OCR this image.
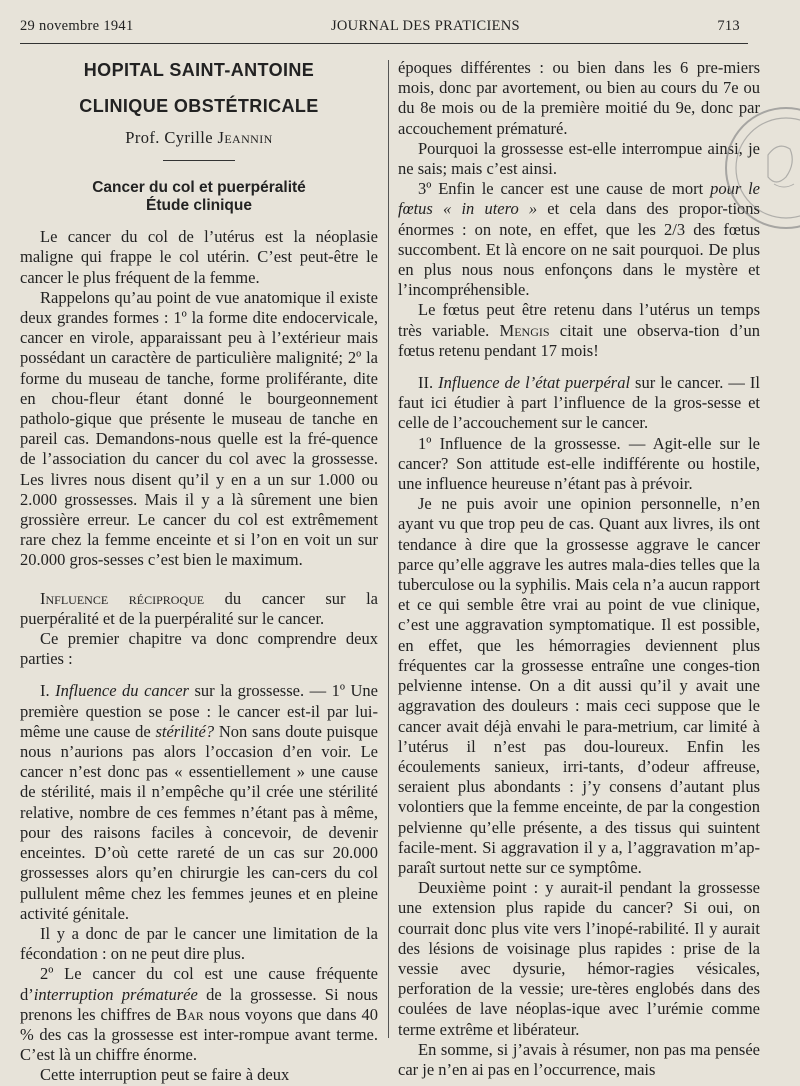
29 novembre 1941	JOURNAL DES PRATICIENS	713
HOPITAL SAINT-ANTOINE
CLINIQUE OBSTÉTRICALE
Prof. Cyrille Jeannin
Cancer du col et puerpéralité
Étude clinique

Le cancer du col de l’utérus est la néoplasie maligne qui frappe le col utérin. C’est peut-être le cancer le plus fréquent de la femme.

Rappelons qu’au point de vue anatomique il existe deux grandes formes : 1º la forme dite endocervicale, cancer en virole, apparaissant peu à l’extérieur mais possédant un caractère de particulière malignité; 2º la forme du museau de tanche, forme proliférante, dite en chou-fleur étant donné le bourgeonnement patholo-gique que présente le museau de tanche en pareil cas. Demandons-nous quelle est la fré-quence de l’association du cancer du col avec la grossesse. Les livres nous disent qu’il y en a un sur 1.000 ou 2.000 grossesses. Mais il y a là sûrement une bien grossière erreur. Le cancer du col est extrêmement rare chez la femme enceinte et si l’on en voit un sur 20.000 gros-sesses c’est bien le maximum.

Influence réciproque du cancer sur la puerpéralité et de la puerpéralité sur le cancer.

Ce premier chapitre va donc comprendre deux parties :

I. Influence du cancer sur la grossesse. — 1º Une première question se pose : le cancer est-il par lui-même une cause de stérilité? Non sans doute puisque nous n’aurions pas alors l’occasion d’en voir. Le cancer n’est donc pas « essentiellement » une cause de stérilité, mais il n’empêche qu’il crée une stérilité relative, nombre de ces femmes n’étant pas à même, pour des raisons faciles à concevoir, de devenir enceintes. D’où cette rareté de un cas sur 20.000 grossesses alors qu’en chirurgie les can-cers du col pullulent même chez les femmes jeunes et en pleine activité génitale.

Il y a donc de par le cancer une limitation de la fécondation : on ne peut dire plus.

2º Le cancer du col est une cause fréquente d’interruption prématurée de la grossesse. Si nous prenons les chiffres de Bar nous voyons que dans 40 % des cas la grossesse est inter-rompue avant terme. C’est là un chiffre énorme.

Cette interruption peut se faire à deux

époques différentes : ou bien dans les 6 pre-miers mois, donc par avortement, ou bien au cours du 7e ou du 8e mois ou de la première moitié du 9e, donc par accouchement prématuré.

Pourquoi la grossesse est-elle interrompue ainsi, je ne sais; mais c’est ainsi.

3º Enfin le cancer est une cause de mort pour le fœtus « in utero » et cela dans des propor-tions énormes : on note, en effet, que les 2/3 des fœtus succombent. Et là encore on ne sait pourquoi. De plus en plus nous nous enfonçons dans le mystère et l’incompréhensible.

Le fœtus peut être retenu dans l’utérus un temps très variable. Mengis citait une observa-tion d’un fœtus retenu pendant 17 mois!

II. Influence de l’état puerpéral sur le cancer. — Il faut ici étudier à part l’influence de la gros-sesse et celle de l’accouchement sur le cancer.

1º Influence de la grossesse. — Agit-elle sur le cancer? Son attitude est-elle indifférente ou hostile, une influence heureuse n’étant pas à prévoir.

Je ne puis avoir une opinion personnelle, n’en ayant vu que trop peu de cas. Quant aux livres, ils ont tendance à dire que la grossesse aggrave le cancer parce qu’elle aggrave les autres mala-dies telles que la tuberculose ou la syphilis. Mais cela n’a aucun rapport et ce qui semble être vrai au point de vue clinique, c’est une aggravation symptomatique. Il est possible, en effet, que les hémorragies deviennent plus fréquentes car la grossesse entraîne une conges-tion pelvienne intense. On a dit aussi qu’il y avait une aggravation des douleurs : mais ceci suppose que le cancer avait déjà envahi le para-metrium, car limité à l’utérus il n’est pas dou-loureux. Enfin les écoulements sanieux, irri-tants, d’odeur affreuse, seraient plus abondants : j’y consens d’autant plus volontiers que la femme enceinte, de par la congestion pelvienne qu’elle présente, a des tissus qui suintent facile-ment. Si aggravation il y a, l’aggravation m’ap-paraît surtout nette sur ce symptôme.

Deuxième point : y aurait-il pendant la grossesse une extension plus rapide du cancer? Si oui, on courrait donc plus vite vers l’inopé-rabilité. Il y aurait des lésions de voisinage plus rapides : prise de la vessie avec dysurie, hémor-ragies vésicales, perforation de la vessie; ure-tères englobés dans des coulées de lave néoplas-ique avec l’urémie comme terme extrême et libérateur.

En somme, si j’avais à résumer, non pas ma pensée car je n’en ai pas en l’occurrence, mais
